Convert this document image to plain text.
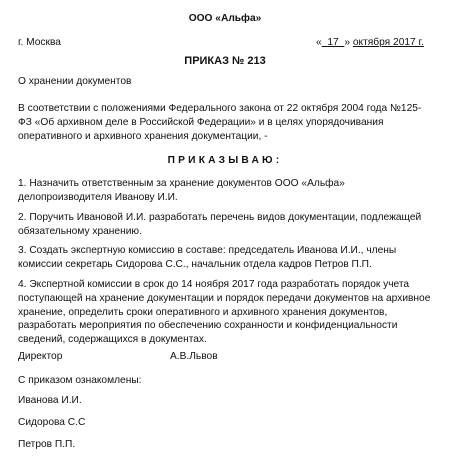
ООО «Альфа»
г. Москва	« 17 » октября 2017 г.
ПРИКАЗ № 213
О хранении документов
В соответствии с положениями Федерального закона от 22 октября 2004 года №125-ФЗ «Об архивном деле в Российской Федерации» и в целях упорядочивания оперативного и архивного хранения документации, -
ПРИКАЗЫВАЮ:
1. Назначить ответственным за хранение документов ООО «Альфа» делопроизводителя Иванову И.И.
2. Поручить Ивановой И.И. разработать перечень видов документации, подлежащей обязательному хранению.
3. Создать экспертную комиссию в составе: председатель Иванова И.И., члены комиссии секретарь Сидорова С.С., начальник отдела кадров Петров П.П.
4. Экспертной комиссии в срок до 14 ноября 2017 года разработать порядок учета поступающей на хранение документации и порядок передачи документов на архивное хранение, определить сроки оперативного и архивного хранения документов, разработать мероприятия по обеспечению сохранности и конфиденциальности сведений, содержащихся в документах.
Директор	А.В.Львов
С приказом ознакомлены:
Иванова И.И.
Сидорова С.С
Петров П.П.
